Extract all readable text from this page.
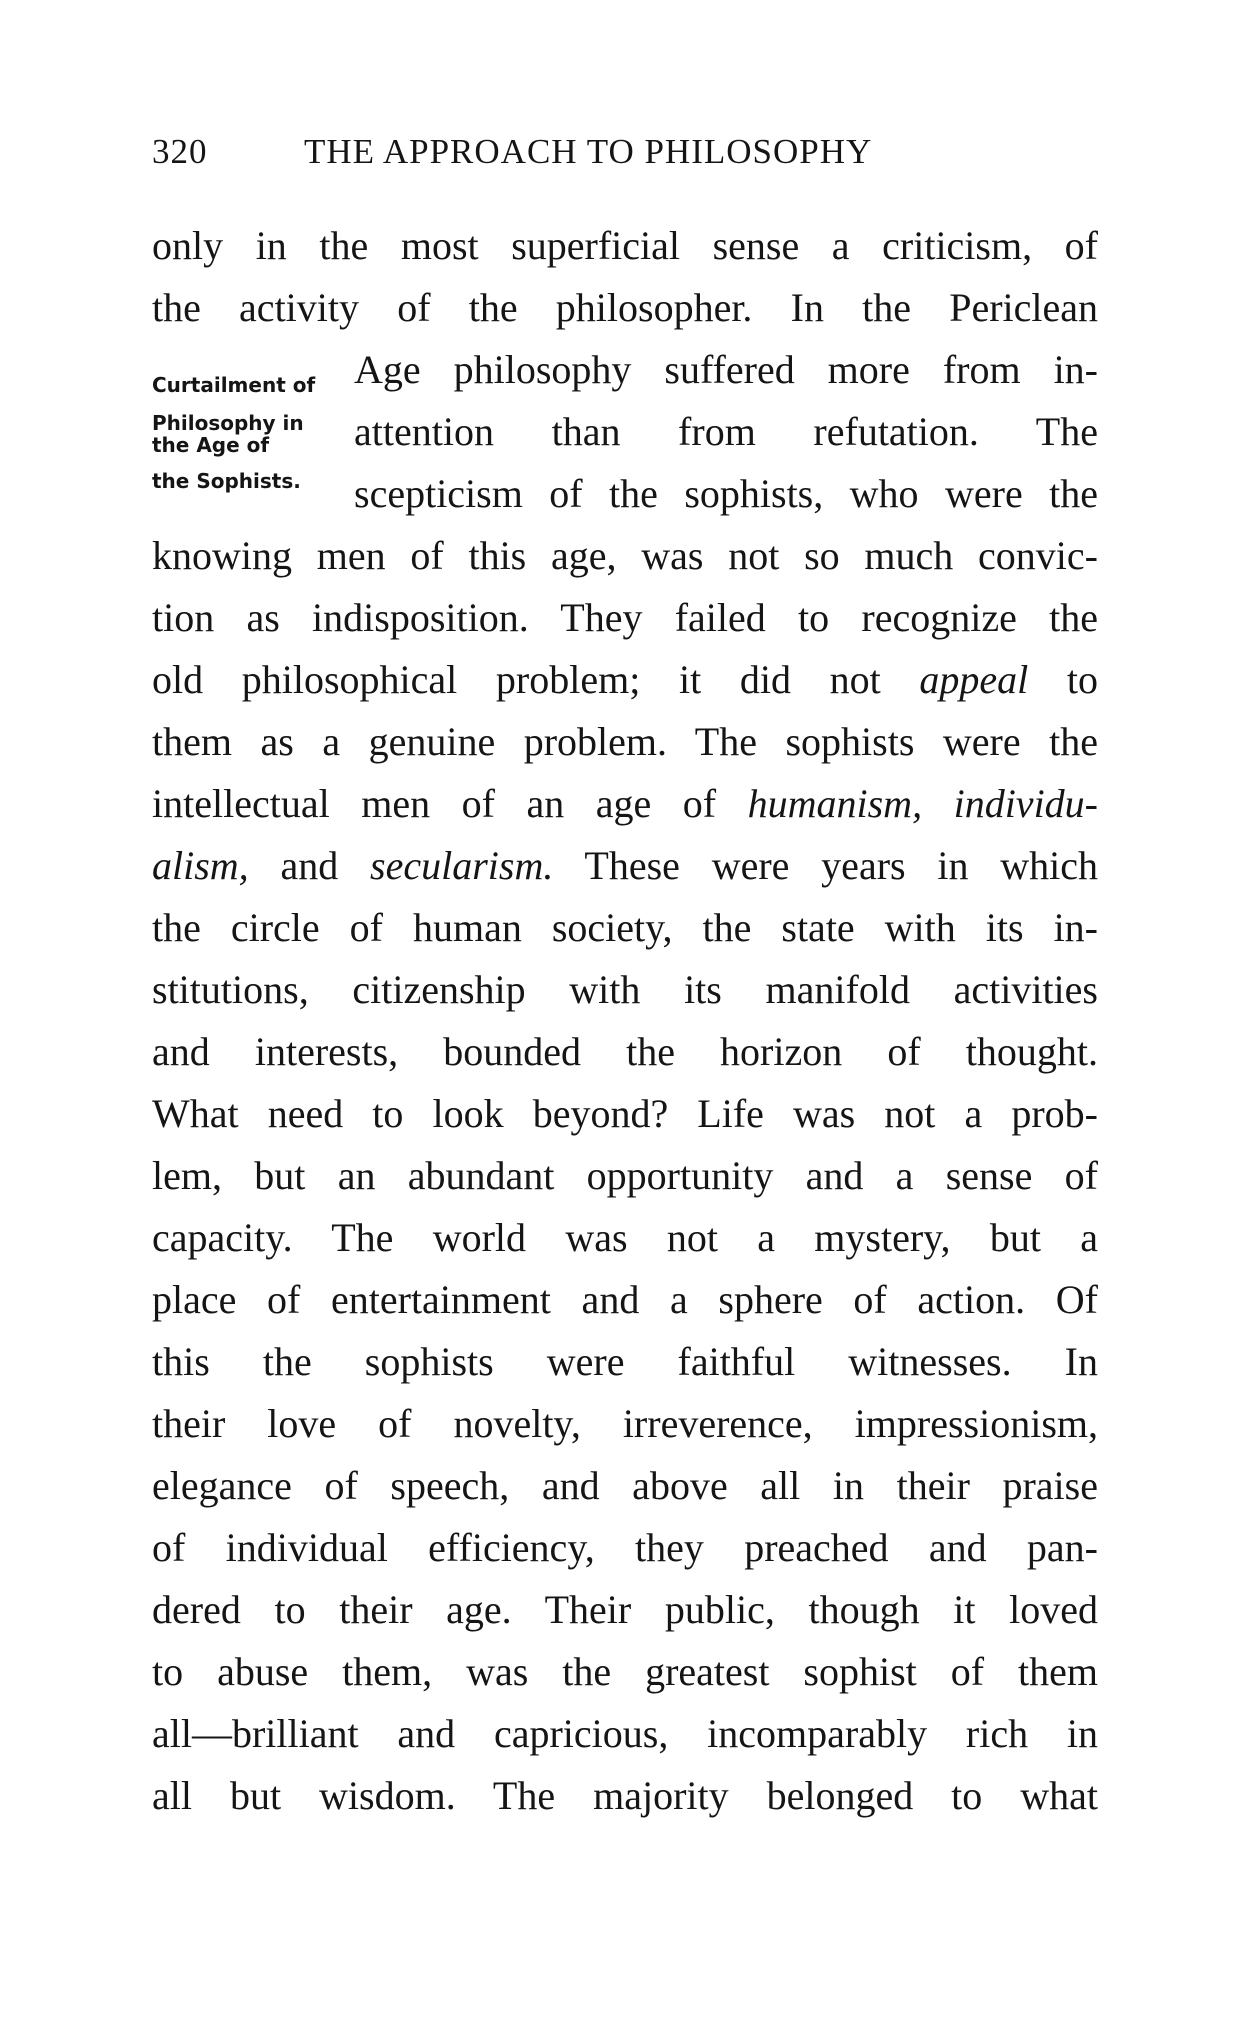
320	THE APPROACH TO PHILOSOPHY
Curtailment of
Philosophy in
the Age of
the Sophists.
only in the most superficial sense a criticism, of
the activity of the philosopher. In the Periclean
Age philosophy suffered more from in-
attention than from refutation. The
scepticism of the sophists, who were the
knowing men of this age, was not so much convic-
tion as indisposition. They failed to recognize the
old philosophical problem; it did not appeal to
them as a genuine problem. The sophists were the
intellectual men of an age of humanism, individu-
alism, and secularism. These were years in which
the circle of human society, the state with its in-
stitutions, citizenship with its manifold activities
and interests, bounded the horizon of thought.
What need to look beyond? Life was not a prob-
lem, but an abundant opportunity and a sense of
capacity. The world was not a mystery, but a
place of entertainment and a sphere of action. Of
this the sophists were faithful witnesses. In
their love of novelty, irreverence, impressionism,
elegance of speech, and above all in their praise
of individual efficiency, they preached and pan-
dered to their age. Their public, though it loved
to abuse them, was the greatest sophist of them
all—brilliant and capricious, incomparably rich in
all but wisdom. The majority belonged to what
